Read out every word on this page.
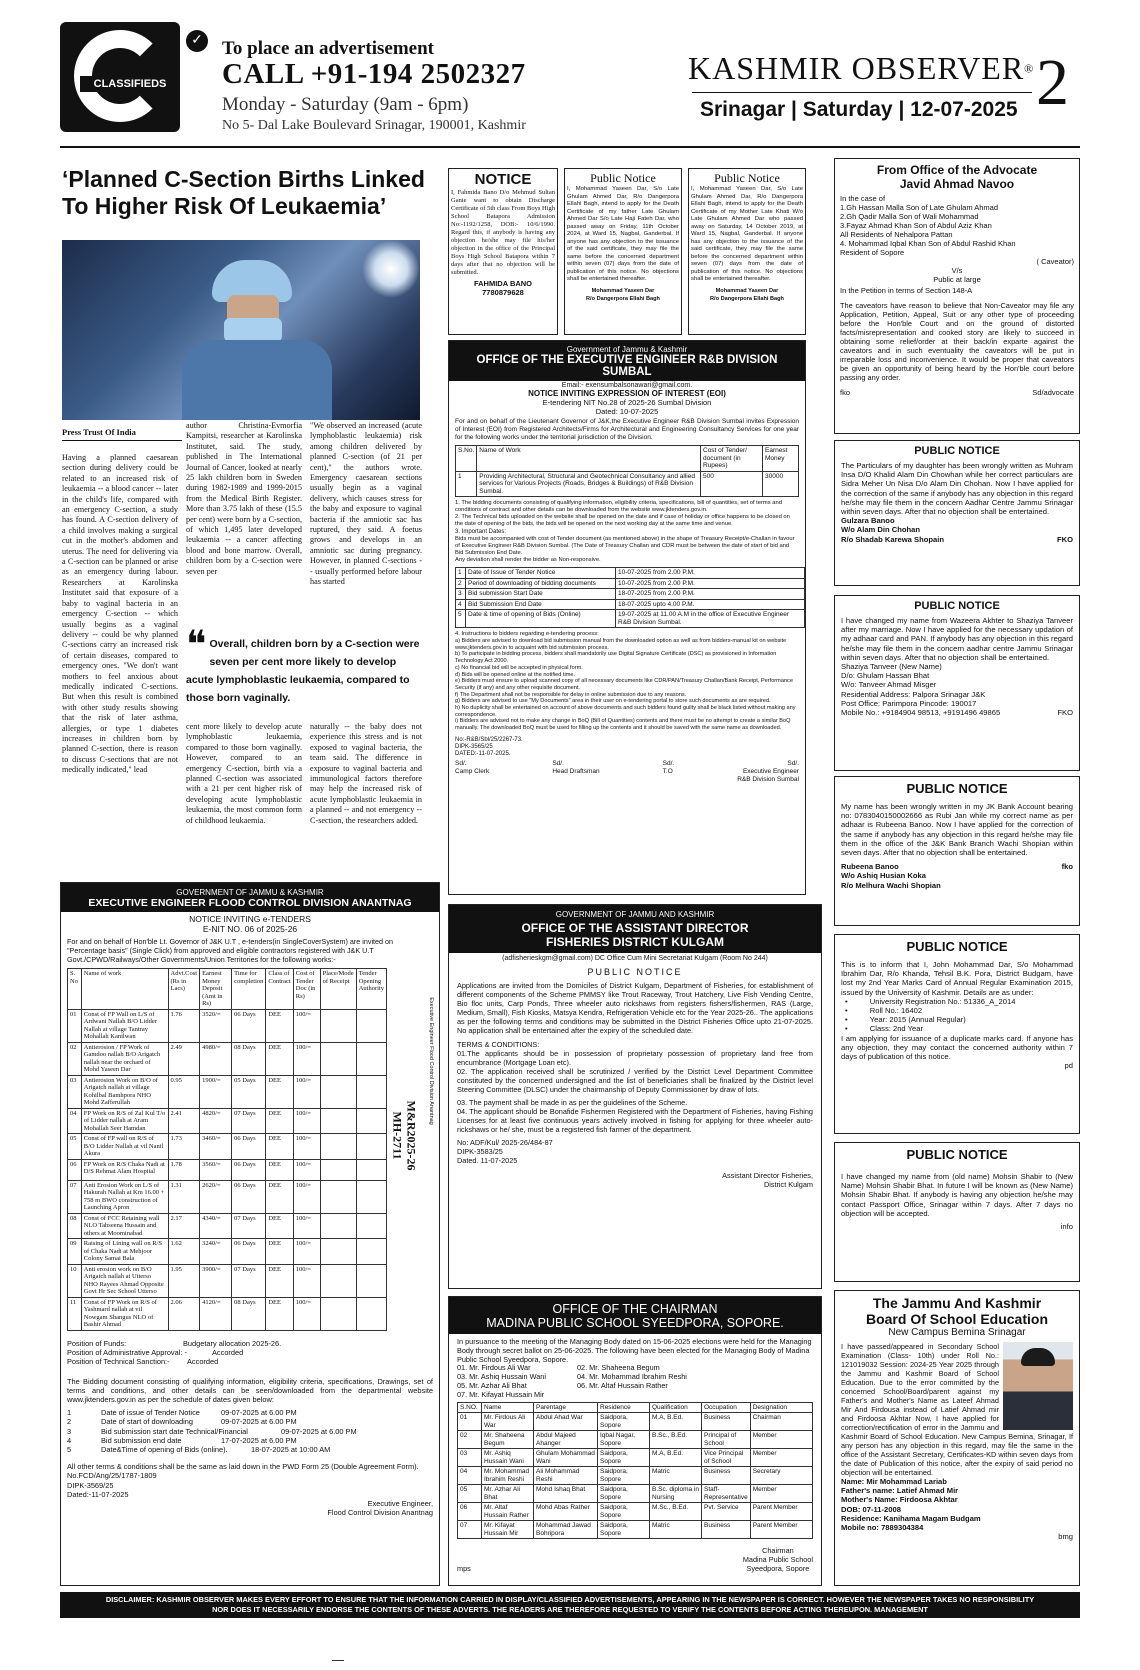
CLASSIFIEDS
✓ To place an advertisement
CALL +91-194 2502327
Monday - Saturday (9am - 6pm)
No 5- Dal Lake Boulevard Srinagar, 190001, Kashmir
KASHMIR OBSERVER®
Srinagar | Saturday | 12-07-2025 2
‘Planned C-Section Births Linked
To Higher Risk Of Leukaemia’
Press Trust Of India
Having a planned caesarean section during delivery could be related to an increased risk of leukaemia -- a blood cancer -- later in the child's life, compared with an emergency C-section, a study has found. A C-section delivery of a child involves making a surgical cut in the mother's abdomen and uterus. The need for delivering via a C-section can be planned or arise as an emergency during labour. Researchers at Karolinska Institutet said that exposure of a baby to vaginal bacteria in an emergency C-section -- which usually begins as a vaginal delivery -- could be why planned C-sections carry an increased risk of certain diseases, compared to emergency ones. "We don't want mothers to feel anxious about medically indicated C-sections. But when this result is combined with other study results showing that the risk of later asthma, allergies, or type 1 diabetes increases in children born by planned C-section, there is reason to discuss C-sections that are not medically indicated," lead
author Christina-Evmorfia Kampitsi, researcher at Karolinska Institutet, said. The study, published in The International Journal of Cancer, looked at nearly 25 lakh children born in Sweden during 1982-1989 and 1999-2015 from the Medical Birth Register. More than 3.75 lakh of these (15.5 per cent) were born by a C-section, of which 1,495 later developed leukaemia -- a cancer affecting blood and bone marrow. Overall, children born by a C-section were seven per
"We observed an increased (acute lymphoblastic leukaemia) risk among children delivered by planned C-section (of 21 per cent)," the authors wrote. Emergency caesarean sections usually begin as a vaginal delivery, which causes stress for the baby and exposure to vaginal bacteria if the amniotic sac has ruptured, they said. A foetus grows and develops in an amniotic sac during pregnancy. However, in planned C-sections -- usually performed before labour has started
❝ Overall, children born by a C-section were seven per cent more likely to develop acute lymphoblastic leukaemia, compared to those born vaginally.
cent more likely to develop acute lymphoblastic leukaemia, compared to those born vaginally. However, compared to an emergency C-section, birth via a planned C-section was associated with a 21 per cent higher risk of developing acute lymphoblastic leukaemia, the most common form of childhood leukaemia.
naturally -- the baby does not experience this stress and is not exposed to vaginal bacteria, the team said. The difference in exposure to vaginal bacteria and immunological factors therefore may help the increased risk of acute lymphoblastic leukaemia in a planned -- and not emergency -- C-section, the researchers added.
NOTICE
I, Fahmida Bano D/o Mehmud Sultan Ganie want to obtain Discharge Certificate of 5th class From Boys High School Batapora Admission No:-1192/1258, DOB:- 10/6/1990. Regard this, if anybody is having any objection he/she may file his/her objection in the office of the Principal Boys High School Batapora within 7 days after that no objection will be submitted.
FAHMIDA BANO
7780879628
Public Notice
I, Mohammad Yaseen Dar, S/o Late Ghulam Ahmed Dar, R/o Dangerpora Ellahi Bagh, intend to apply for the Death Certificate of my father Late Ghulam Ahmed Dar S/o Late Haji Fateh Dar, who passed away on Friday, 11th October 2024, at Ward 15, Nagbal, Ganderbal. If anyone has any objection to the issuance of the said certificate, they may file the same before the concerned department within seven (07) days from the date of publication of this notice. No objections shall be entertained thereafter.
Mohammad Yaseen Dar
R/o Dangerpora Ellahi Bagh
Public Notice
I, Mohammad Yaseen Dar, S/o Late Ghulam Ahmed Dar, R/o Dangerpora Ellahi Bagh, intend to apply for the Death Certificate of my Mother Late Khati W/o Late Ghulam Ahmed Dar who passed away on Saturday, 14 October 2019, at Ward 15, Nagbal, Ganderbal. If anyone has any objection to the issuance of the said certificate, they may file the same before the concerned department within seven (07) days from the date of publication of this notice. No objections shall be entertained thereafter.
Mohammad Yaseen Dar
R/o Dangerpora Ellahi Bagh
Government of Jammu & Kashmir
OFFICE OF THE EXECUTIVE ENGINEER R&B DIVISION SUMBAL
Email:- exensumbalsonawari@gmail.com.
NOTICE INVITING EXPRESSION OF INTEREST (EOI)
E-tendering NIT No.28 of 2025-26 Sumbal Division
Dated: 10-07-2025
For and on behalf of the Lieutenant Governor of J&K,the Executive Engineer R&B Division Sumbal invites Expression of Interest (EOI) from Registered Architects/Firms for Architectural and Engineering Consultancy Services for one year for the following works under the territorial jurisdiction of the Division.
S.No.	Name of Work	Cost of Tender/ document (in Rupees)	Earnest Money
1	Providing Architectural, Structural and Geotechnical Consultancy and allied services for Various Projects (Roads, Bridges & Buildings) of R&B Division Sumbal.	500	30000
1. The bidding documents consisting of qualifying information, eligibility criteria, specifications, bill of quantities, set of terms and conditions of contract and other details can be downloaded from the website www.jktenders.gov.in.
2. The Technical bids uploaded on the website shall be opened on the date and if case of holiday or office happens to be closed on the date of opening of the bids, the bids will be opened on the next working day at the same time and venue.
3. Important Dates:
Bids must be accompanied with cost of Tender document (as mentioned above) in the shape of Treasury Receipt/e-Challan in favour of Executive Engineer R&B Division Sumbal. (The Date of Treasury Challan and CDR must be between the date of start of bid and Bid Submission End Date.
Any deviation shall render the bidder as Non-responsive.
1	Date of Issue of Tender Notice	10-07-2025 from 2.00 P.M.
2	Period of downloading of bidding documents	10-07-2025 from 2.00 P.M.
3	Bid submission Start Date	18-07-2025 from 2.00 P.M.
4	Bid Submission End Date	18-07-2025 upto 4.00 P.M.
5	Date & time of opening of Bids (Online)	19-07-2025 at 11.00 A.M in the office of Executive Engineer R&B Division Sumbal.
4. Instructions to bidders regarding e-tendering process:
a) Bidders are advised to download bid submission manual from the downloaded option as well as from bidders-manual kit on website www.jktenders.gov.in to acquaint with bid submission process.
b) To participate in bidding process, bidders shall mandatorily use Digital Signature Certificate (DSC) as provisioned in Information Technology Act 2000.
c) No financial bid will be accepted in physical form.
d) Bids will be opened online at the notified time.
e) Bidders must ensure to upload scanned copy of all necessary documents like CDR/PAN/Treasury Challan/Bank Receipt, Performance Security (if any) and any other requisite document.
f) The Department shall not be responsible for delay in online submission due to any reasons.
g) Bidders are advised to use "My Documents" area in their user on e-tendering portal to store such documents as are required.
h) No duplicity shall be entertained on account of above documents and such bidders found guilty shall be black listed without making any correspondence.
i) Bidders are advised not to make any change in BoQ (Bill of Quantities) contents and there must be no attempt to create a similar BoQ manually. The downloaded BoQ must be used for filling up the contents and it should be saved with the same name as downloaded.
No:-R&B/Sbl/25/2267-73.
DIPK-3565/25
DATED:-11-07-2025.
Sd/.
Camp Clerk
Sd/.
Head Draftsman
Sd/.
T.O
Sd/.
Executive Engineer
R&B Division Sumbal
From Office of the Advocate
Javid Ahmad Navoo
In the case of
1.Gh Hassan Malla Son of Late Ghulam Ahmad
2.Gh Qadir Malla Son of Wali Mohammad
3.Fayaz Ahmad Khan Son of Abdul Aziz Khan
All Residents of Nehalpora Pattan
4. Mohammad Iqbal Khan Son of Abdul Rashid Khan
Resident of Sopore
( Caveator)
V/s
Public at large
In the Petition in terms of Section 148-A
The caveators have reason to believe that Non-Caveator may file any Application, Petition, Appeal, Suit or any other type of proceeding before the Hon'ble Court and on the ground of distorted facts/misrepresentation and cooked story are likely to succeed in obtaining some relief/order at their back/in exparte against the caveators and in such eventuality the caveators will be put in irreparable loss and inconvenience. It would be proper that caveators be given an opportunity of being heard by the Hon'ble court before passing any order.
fko	Sd/advocate
PUBLIC NOTICE
The Particulars of my daughter has been wrongly written as Muhram Insa D/O Khalid Alam Din Chowhan while her correct particulars are Sidra Meher Un Nisa D/o Alam Din Chohan. Now I have applied for the correction of the same if anybody has any objection in this regard he/she may file them in the concern Aadhar Centre Jammu Srinagar within seven days. After that no objection shall be entertained.
Gulzara Banoo
W/o Alam Din Chohan
R/o Shadab Karewa Shopain	FKO
PUBLIC NOTICE
I have changed my name from Wazeera Akhter to Shaziya Tanveer after my marriage. Now I have applied for the necessary updation of my adhaar card and PAN. If anybody has any objection in this regard he/she may file them in the concern aadhar centre Jammu Srinagar within seven days. After that no objection shall be entertained.
Shaziya Tanveer (New Name)
D/o: Ghulam Hassan Bhat
W/o: Tanveer Ahmad Misger
Residential Address: Palpora Srinagar J&K
Post Office: Parimpora Pincode: 190017
Mobile No.: +9184904 98513, +9191496 49865	FKO
PUBLIC NOTICE
My name has been wrongly written in my JK Bank Account bearing no: 0783040150002666 as Rubi Jan while my correct name as per adhaar is Rubeena Banoo. Now I have applied for the correction of the same if anybody has any objection in this regard he/she may file them in the office of the J&K Bank Branch Wachi Shopian within seven days. After that no objection shall be entertained.
Rubeena Banoo	fko
W/o Ashiq Husian Koka
R/o Melhura Wachi Shopian
PUBLIC NOTICE
This is to inform that I, John Mohammad Dar, S/o Mohammad Ibrahim Dar, R/o Khanda, Tehsil B.K. Pora, District Budgam, have lost my 2nd Year Marks Card of Annual Regular Examination 2015, issued by the University of Kashmir. Details are as under:
•	University Registration No.: 51336_A_2014
•	Roll No.: 16402
•	Year: 2015 (Annual Regular)
•	Class: 2nd Year
I am applying for issuance of a duplicate marks card. If anyone has any objection, they may contact the concerned authority within 7 days of publication of this notice.
pd
PUBLIC NOTICE
I have changed my name from (old name) Mohsin Shabir to (New Name) Mohsin Shabir Bhat. In future I will be known as (New Name) Mohsin Shabir Bhat. If anybody is having any objection he/she may contact Passport Office, Srinagar within 7 days. After 7 days no objection will be accepted.
info
The Jammu And Kashmir
Board Of School Education
New Campus Bemina Srinagar
I have passed/appeared in Secondary School Examination (Class- 10th) under Roll No.: 121019032 Session: 2024-25 Year 2025 through the Jammu and Kashmir Board of School Education. Due to the error committed by the concerned School/Board/parent against my Father's and Mother's Name as Lateef Ahmad Mir And Firdousa instead of Latief Ahmad mir and Firdoosa Akhtar Now, I have applied for correction/rectification of error in the Jammu and Kashmir Board of School Education. New Campus Bemina, Srinagar, If any person has any objection in this regard, may file the same in the office of the Assistant Secretary, Certificates-KD within seven days from the date of Publication of this notice, after the expiry of said period no objection will be entertained.
Name: Mir Mohammad Lariab
Father's name: Latief Ahmad Mir
Mother's Name: Firdoosa Akhtar
DOB: 07-11-2008
Residence: Kanihama Magam Budgam
Mobile no: 7889304384
bmg
GOVERNMENT OF JAMMU & KASHMIR
EXECUTIVE ENGINEER FLOOD CONTROL DIVISION ANANTNAG
NOTICE INVITING e-TENDERS
E-NIT NO. 06 of 2025-26
For and on behalf of Hon'ble Lt. Governor of J&K U.T , e-tenders(in SingleCoverSystem) are invited on "Percentage basis" (Single Click) from approved and eligible contractors registered with J&K U.T Govt./CPWD/Railways/Other Governments/Union Territories for the following works:-
S. No	Name of work	Advt.Cost (Rs in Lacs)	Earnest Money Deposit (Amt in Rs)	Time for completion	Class of Contract	Cost of Tender Doc (in Rs)	Place/Mode of Receipt	Tender Opening Authority
01	Const of FP Wall on L/S of Ardwani Nallah B/O Lidder Nallah at village Tantray Mohallah Kanilwan	1.76	3520/=	06 Days	DEE	100/=		
02	Antierosion / FP Work of Gamdoo nallah B/O Arigatch nallah near the orchard of Mohd Yaseen Dar	2.49	4980/=	08 Days	DEE	100/=		
03	Antierosion Work on B/O of Arigatch nallah at village Kohilbal Bamhpora NHO Mohd Zafferullah	0.95	1900/=	05 Days	DEE	100/=		
04	FP Work on R/S of Zal Kul T/o of Lidder nallah at Aram Mohallah Seer Hamdan	2.41	4820/=	07 Days	DEE	100/=		
05	Const of FP wall on R/S of B/O Lidder Nallah at vil Nanil Akura	1.73	3460/=	06 Days	DEE	100/=		
06	FP Work on R/S Chaka Nadi at D/S Rehmat Alam Hospital	1.78	3560/=	06 Days	DEE	100/=		
07	Anti Erosion Work on L/S of Hakurah Nallah at Km 16.00 + 758 m BWO construction of Launching Apron	1.31	2620/=	06 Days	DEE	100/=		
08	Const of FCC Retaining wall NLO Tahseena Hussain and others at Moominabad	2.17	4340/=	07 Days	DEE	100/=		
09	Raising of Lining wall on R/S of Chaka Nadi at Mehjoor Colony Samai Bala	1.62	3240/=	06 Days	DEE	100/=		
10	Anti erosion work on B/O Arigatch nallah at Utterso NHO Rayees Ahmad Opposite Govt Hr Sec School Utterso	1.95	3900/=	07 Days	DEE	100/=		
11	Const of FP Work on R/S of Yashmard nallah at vil Nowgam Shangus NLO of Bashir Ahmad	2.06	4120/=	08 Days	DEE	100/=		
M&R2025-26
MH-2711
Executive Engineer Flood Control Division Anantnag
Position of Funds:	Budgetary allocation 2025-26.
Position of Administrative Approval: -	Accorded
Position of Technical Sanction:-	Accorded
The Bidding document consisting of qualifying information, eligibility criteria, specifications, Drawings, set of terms and conditions, and other details can be seen/downloaded from the departmental website www.jktenders.gov.in as per the schedule of dates given below:
1	Date of issue of Tender Notice	09-07-2025 at 6.00 PM
2	Date of start of downloading	09-07-2025 at 6.00 PM
3	Bid submission start date Technical/Financial	09-07-2025 at 6.00 PM
4	Bid submission end date	17-07-2025 at 6.00 PM
5	Date&Time of opening of Bids (online).	18-07-2025 at 10:00 AM
All other terms & conditions shall be the same as laid down in the PWD Form 25 (Double Agreement Form).
No.FCD/Ang/25/1787-1809
DIPK-3569/25
Dated:-11-07-2025
Executive Engineer,
Flood Control Division Anantnag
GOVERNMENT OF JAMMU AND KASHMIR
OFFICE OF THE ASSISTANT DIRECTOR
FISHERIES DISTRICT KULGAM
(adfisherieskgm@gmail.com) DC Office Cum Mini Secretariat Kulgam (Room No 244)
PUBLIC NOTICE
Applications are invited from the Domiciles of District Kulgam, Department of Fisheries, for establishment of different components of the Scheme PMMSY like Trout Raceway, Trout Hatchery, Live Fish Vending Centre, Bio floc units, Carp Ponds, Three wheeler auto rickshaws from registers fishers/fishermen, RAS (Large, Medium, Small), Fish Kiosks, Matsya Kendra, Refrigeration Vehicle etc for the Year 2025-26.. The applications as per the following terms and conditions may be submitted in the District Fisheries Office upto 21-07-2025. No application shall be entertained after the expiry of the scheduled date.
TERMS & CONDITIONS:
01.The applicants should be in possession of proprietary possession of proprietary land free from encumbrance (Mortgage Loan etc).
02. The application received shall be scrutinized / verified by the District Level Department Committee constituted by the concerned undersigned and the list of beneficiaries shall be finalized by the District level Steering Committee (DLSC) under the chairmanship of Deputy Commissioner by draw of lots.
03. The payment shall be made in as per the guidelines of the Scheme.
04. The applicant should be Bonafide Fishermen Registered with the Department of Fisheries, having Fishing Licenses for at least five continuous years actively involved in fishing for applying for three wheeler auto-rickshaws or he/ she, must be a registered fish farmer of the department.
No: ADF/Kul/ 2025-26/484-87
DIPK-3583/25
Dated. 11-07-2025
Assistant Director Fisheries,
District Kulgam
OFFICE OF THE CHAIRMAN
MADINA PUBLIC SCHOOL SYEEDPORA, SOPORE.
In pursuance to the meeting of the Managing Body dated on 15-06-2025 elections were held for the Managing Body through secret ballot on 25-06-2025. The following have been elected for the Managing Body of Madina Public School Syeedpora, Sopore.
01. Mr. Firdous Ali War	02. Mr. Shaheena Begum
03. Mr. Ashiq Hussain Wani	04. Mr. Mohammad Ibrahim Reshi
05. Mr. Azhar Ali Bhat	06. Mr. Altaf Hussain Rather
07. Mr. Kifayat Hussain Mir
S.NO.	Name	Parentage	Residence	Qualification	Occupation	Designation
01	Mr. Firdous Ali War	Abdul Ahad War	Saidpora, Sopore	M.A, B.Ed.	Business	Chairman
02	Mr. Shaheena Begum	Abdul Majeed Ahanger	Iqbal Nagar, Sopore	B.Sc., B.Ed.	Principal of School	Member
03	Mr. Ashiq Hussain Wani	Ghulam Mohammad Wani	Saidpora, Sopore	M.A, B.Ed.	Vice Principal of School	Member
04	Mr. Mohammad Ibrahim Reshi	Ali Mohammad Reshi	Saidpora, Sopore	Matric	Business	Secretary
05	Mr. Azhar Ali Bhat	Mohd Ishaq Bhat	Saidpora, Sopore	B.Sc. diploma in Nursing	Staff-Representative	Member
06	Mr. Altaf Hussain Rather	Mohd Abas Rather	Saidpora, Sopore	M.Sc., B.Ed.	Pvt. Service	Parent Member
07	Mr. Kifayat Hussain Mir	Mohammad Jawad Bohripora	Saidpora, Sopore	Matric	Business	Parent Member
mps
Chairman
Madina Public School
Syeedpora, Sopore
DISCLAIMER: KASHMIR OBSERVER MAKES EVERY EFFORT TO ENSURE THAT THE INFORMATION CARRIED IN DISPLAY/CLASSIFIED ADVERTISEMENTS, APPEARING IN THE NEWSPAPER IS CORRECT. HOWEVER THE NEWSPAPER TAKES NO RESPONSIBILITY NOR DOES IT NECESSARILY ENDORSE THE CONTENTS OF THESE ADVERTS. THE READERS ARE THEREFORE REQUESTED TO VERIFY THE CONTENTS BEFORE ACTING THEREUPON. MANAGEMENT
